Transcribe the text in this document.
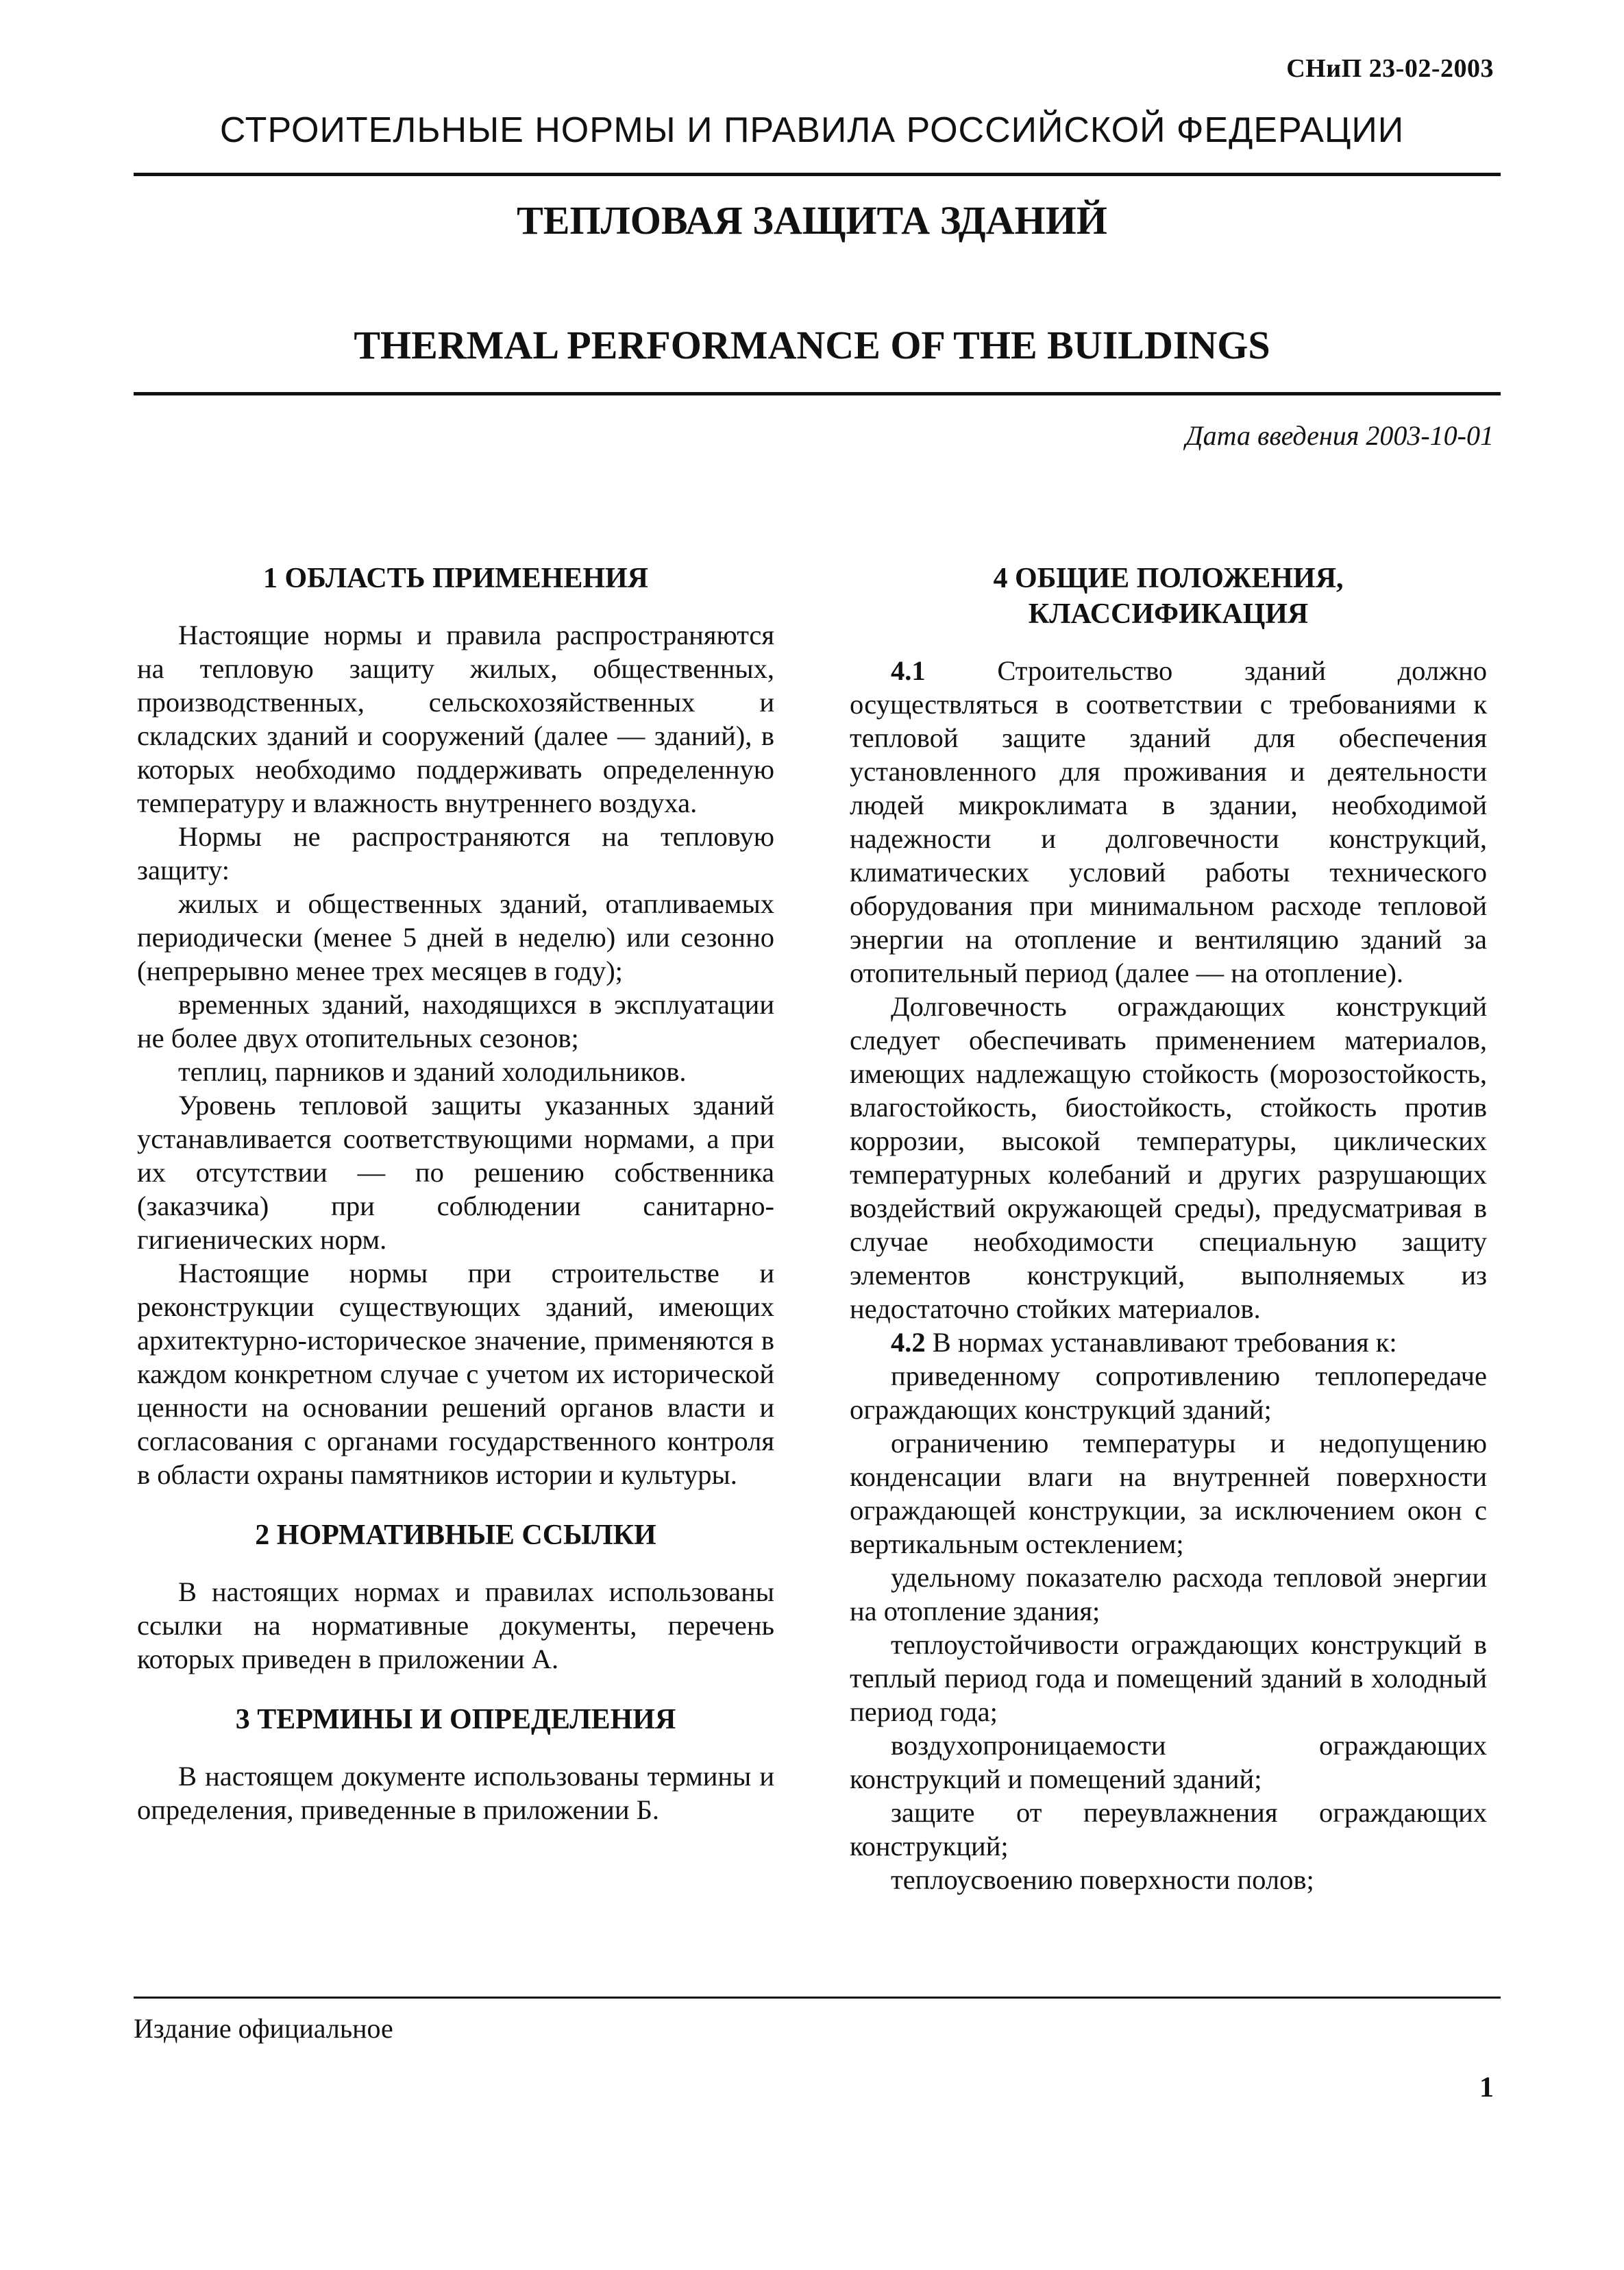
СНиП 23-02-2003
СТРОИТЕЛЬНЫЕ НОРМЫ И ПРАВИЛА РОССИЙСКОЙ ФЕДЕРАЦИИ
ТЕПЛОВАЯ ЗАЩИТА ЗДАНИЙ
THERMAL PERFORMANCE OF THE BUILDINGS
Дата введения 2003-10-01
1 ОБЛАСТЬ ПРИМЕНЕНИЯ

Настоящие нормы и правила распространяются на тепловую защиту жилых, общественных, производственных, сельскохозяйственных и складских зданий и сооружений (далее — зданий), в которых необходимо поддерживать определенную температуру и влажность внутреннего воздуха.

Нормы не распространяются на тепловую защиту:

жилых и общественных зданий, отапливаемых периодически (менее 5 дней в неделю) или сезонно (непрерывно менее трех месяцев в году);

временных зданий, находящихся в эксплуатации не более двух отопительных сезонов;

теплиц, парников и зданий холодильников.

Уровень тепловой защиты указанных зданий устанавливается соответствующими нормами, а при их отсутствии — по решению собственника (заказчика) при соблюдении санитарно-гигиенических норм.

Настоящие нормы при строительстве и реконструкции существующих зданий, имеющих архитектурно-историческое значение, применяются в каждом конкретном случае с учетом их исторической ценности на основании решений органов власти и согласования с органами государственного контроля в области охраны памятников истории и культуры.

2 НОРМАТИВНЫЕ ССЫЛКИ

В настоящих нормах и правилах использованы ссылки на нормативные документы, перечень которых приведен в приложении А.

3 ТЕРМИНЫ И ОПРЕДЕЛЕНИЯ

В настоящем документе использованы термины и определения, приведенные в приложении Б.

4 ОБЩИЕ ПОЛОЖЕНИЯ,
КЛАССИФИКАЦИЯ

4.1	Строительство зданий должно осуществляться в соответствии с требованиями к тепловой защите зданий для обеспечения установленного для проживания и деятельности людей микроклимата в здании, необходимой надежности и долговечности конструкций, климатических условий работы технического оборудования при минимальном расходе тепловой энергии на отопление и вентиляцию зданий за отопительный период (далее — на отопление).

Долговечность ограждающих конструкций следует обеспечивать применением материалов, имеющих надлежащую стойкость (морозостойкость, влагостойкость, биостойкость, стойкость против коррозии, высокой температуры, циклических температурных колебаний и других разрушающих воздействий окружающей среды), предусматривая в случае необходимости специальную защиту элементов конструкций, выполняемых из недостаточно стойких материалов.

4.2 В нормах устанавливают требования к:

приведенному сопротивлению теплопередаче ограждающих конструкций зданий;

ограничению температуры и недопущению конденсации влаги на внутренней поверхности ограждающей конструкции, за исключением окон с вертикальным остеклением;

удельному показателю расхода тепловой энергии на отопление здания;

теплоустойчивости ограждающих конструкций в теплый период года и помещений зданий в холодный период года;

воздухопроницаемости ограждающих конструкций и помещений зданий;

защите от переувлажнения ограждающих конструкций;

теплоусвоению поверхности полов;

Издание официальное
1
